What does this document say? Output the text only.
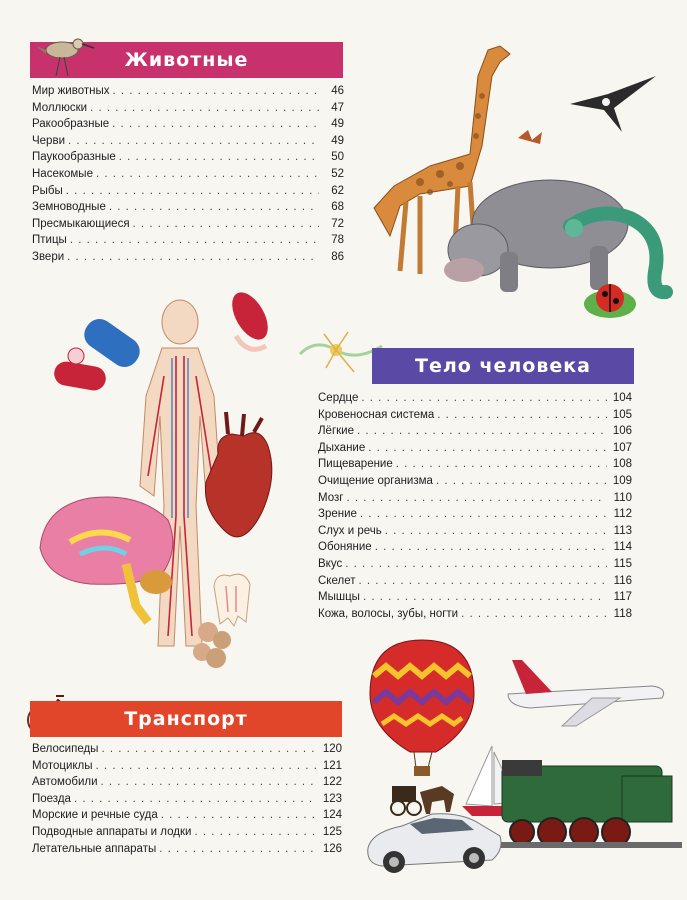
Животные
Мир животных . . .	46
Моллюски . . .	47
Ракообразные . . .	49
Черви . . .	49
Паукообразные . . .	50
Насекомые . . .	52
Рыбы . . .	62
Земноводные . . .	68
Пресмыкающиеся . . .	72
Птицы . . .	78
Звери . . .	86
Тело человека
Сердце . . .	104
Кровеносная система . . .	105
Лёгкие . . .	106
Дыхание . . .	107
Пищеварение . . .	108
Очищение организма . . .	109
Мозг . . .	110
Зрение . . .	112
Слух и речь . . .	113
Обоняние . . .	114
Вкус . . .	115
Скелет . . .	116
Мышцы . . .	117
Кожа, волосы, зубы, ногти . . .	118
Транспорт
Велосипеды . . .	120
Мотоциклы . . .	121
Автомобили . . .	122
Поезда . . .	123
Морские и речные суда . . .	124
Подводные аппараты и лодки . . .	125
Летательные аппараты . . .	126
